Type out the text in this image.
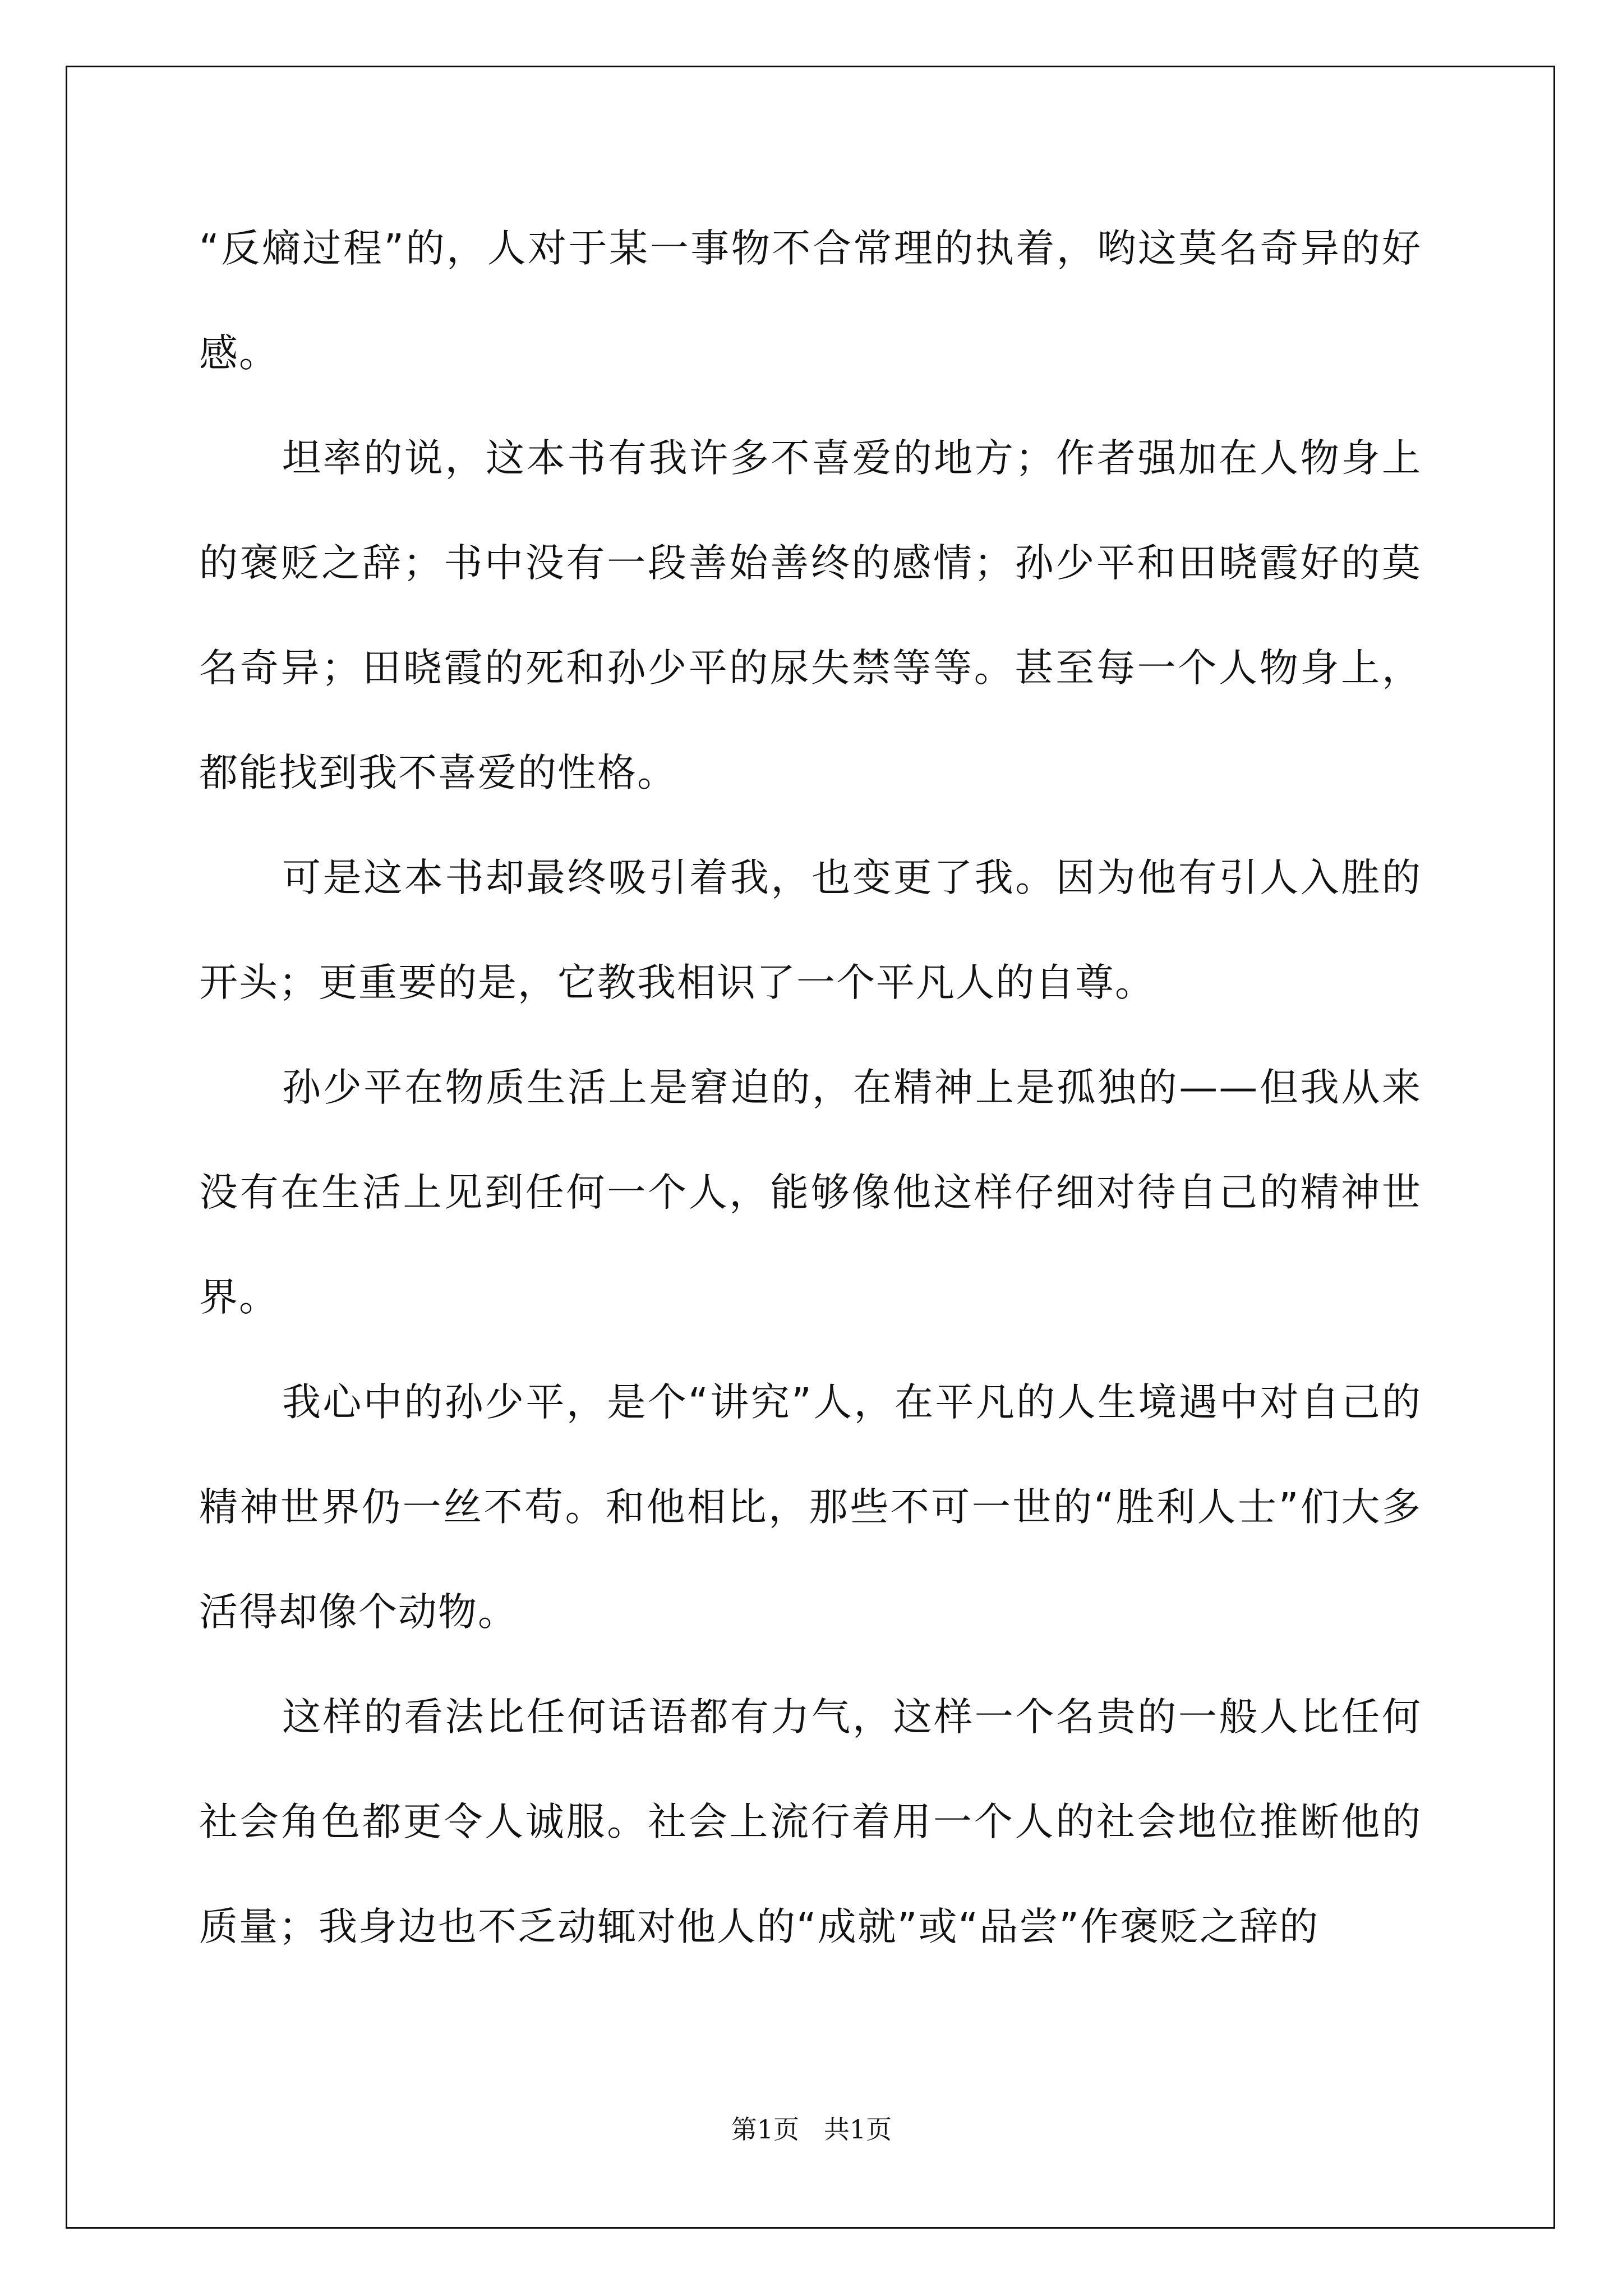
“反熵过程”的，人对于某一事物不合常理的执着，哟这莫名奇异的好感。

坦率的说，这本书有我许多不喜爱的地方；作者强加在人物身上的褒贬之辞；书中没有一段善始善终的感情；孙少平和田晓霞好的莫名奇异；田晓霞的死和孙少平的尿失禁等等。甚至每一个人物身上，都能找到我不喜爱的性格。

可是这本书却最终吸引着我，也变更了我。因为他有引人入胜的开头；更重要的是，它教我相识了一个平凡人的自尊。

孙少平在物质生活上是窘迫的，在精神上是孤独的——但我从来没有在生活上见到任何一个人，能够像他这样仔细对待自己的精神世界。

我心中的孙少平，是个“讲究”人，在平凡的人生境遇中对自己的精神世界仍一丝不苟。和他相比，那些不可一世的“胜利人士”们大多活得却像个动物。

这样的看法比任何话语都有力气，这样一个名贵的一般人比任何社会角色都更令人诚服。社会上流行着用一个人的社会地位推断他的质量；我身边也不乏动辄对他人的“成就”或“品尝”作褒贬之辞的

第1页   共1页
